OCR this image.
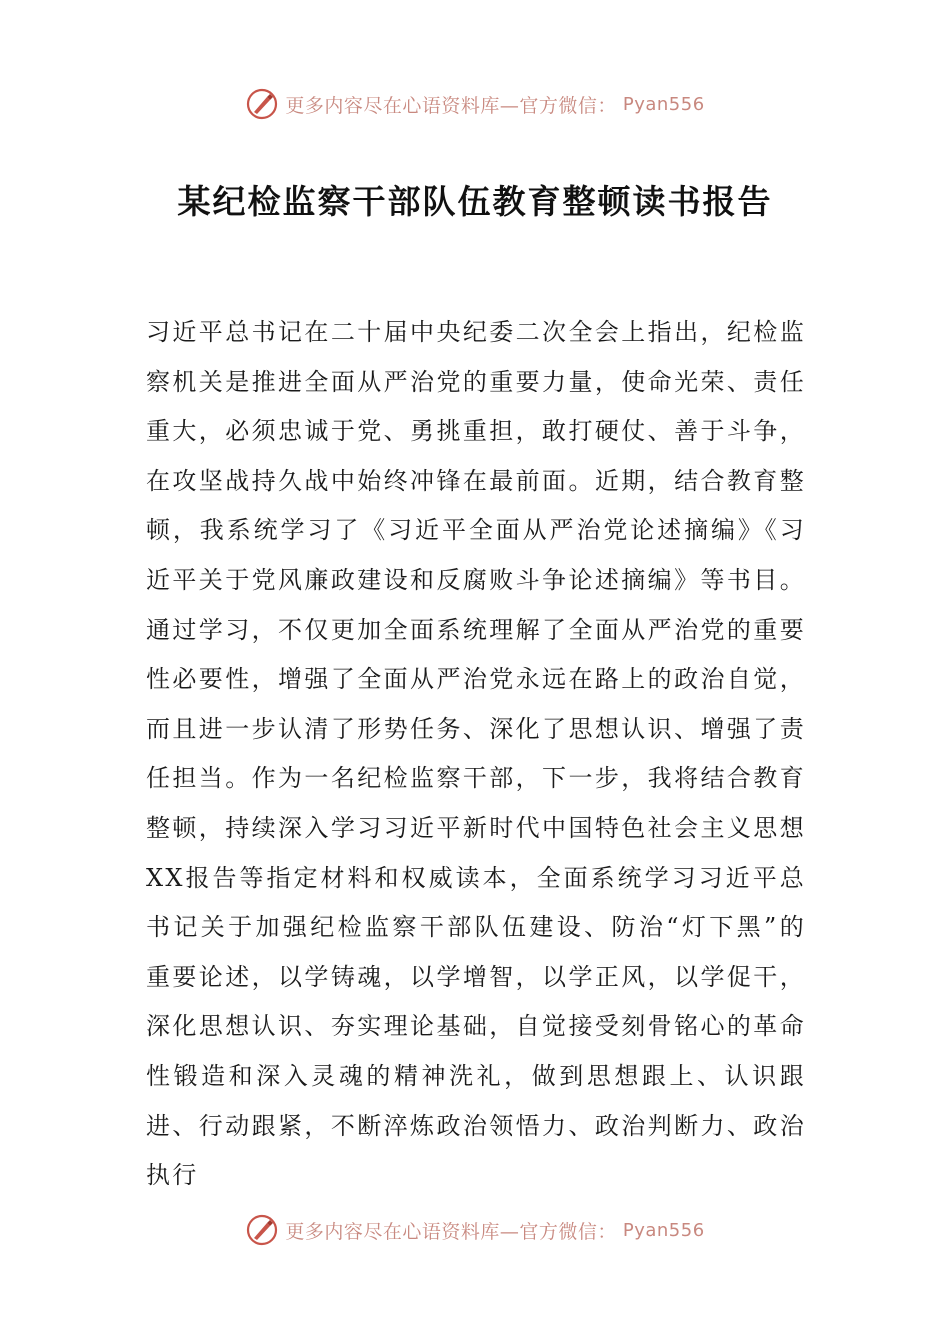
更多内容尽在心语资料库—官方微信： Pyan556
某纪检监察干部队伍教育整顿读书报告

习近平总书记在二十届中央纪委二次全会上指出，纪检监察机关是推进全面从严治党的重要力量，使命光荣、责任重大，必须忠诚于党、勇挑重担，敢打硬仗、善于斗争，在攻坚战持久战中始终冲锋在最前面。近期，结合教育整顿，我系统学习了《习近平全面从严治党论述摘编》《习近平关于党风廉政建设和反腐败斗争论述摘编》等书目。通过学习，不仅更加全面系统理解了全面从严治党的重要性必要性，增强了全面从严治党永远在路上的政治自觉，而且进一步认清了形势任务、深化了思想认识、增强了责任担当。作为一名纪检监察干部，下一步，我将结合教育整顿，持续深入学习习近平新时代中国特色社会主义思想XX报告等指定材料和权威读本，全面系统学习习近平总书记关于加强纪检监察干部队伍建设、防治“灯下黑”的重要论述，以学铸魂，以学增智，以学正风，以学促干，深化思想认识、夯实理论基础，自觉接受刻骨铭心的革命性锻造和深入灵魂的精神洗礼，做到思想跟上、认识跟进、行动跟紧，不断淬炼政治领悟力、政治判断力、政治执行

更多内容尽在心语资料库—官方微信： Pyan556
